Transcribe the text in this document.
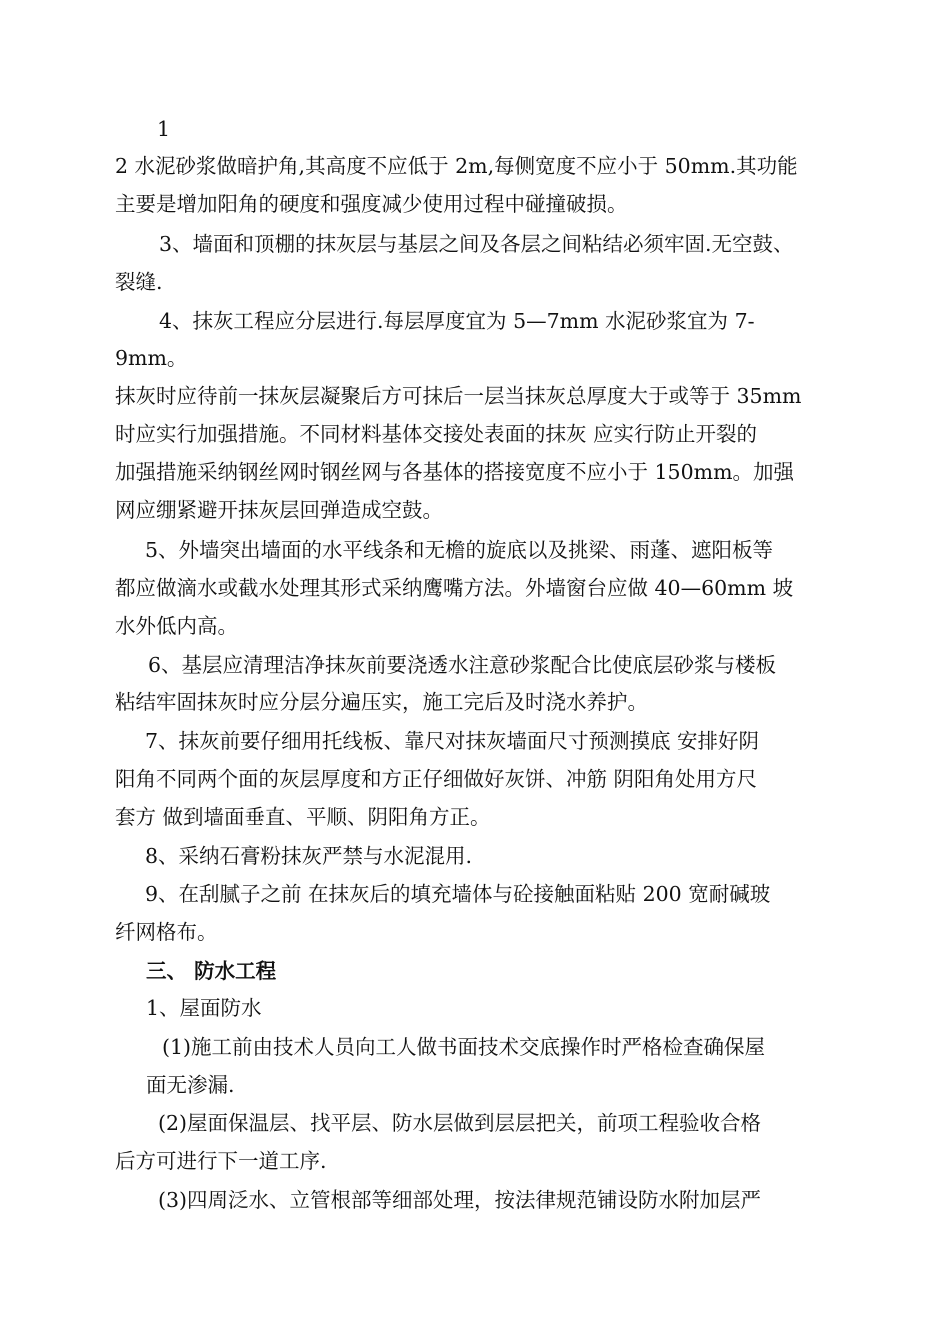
1
2 水泥砂浆做暗护角,其高度不应低于 2m,每侧宽度不应小于 50mm.其功能
主要是增加阳角的硬度和强度减少使用过程中碰撞破损。
3、墙面和顶棚的抹灰层与基层之间及各层之间粘结必须牢固.无空鼓、
裂缝.
4、抹灰工程应分层进行.每层厚度宜为 5—7mm 水泥砂浆宜为 7-
9mm。
抹灰时应待前一抹灰层凝聚后方可抹后一层当抹灰总厚度大于或等于 35mm
时应实行加强措施。不同材料基体交接处表面的抹灰 应实行防止开裂的
加强措施采纳钢丝网时钢丝网与各基体的搭接宽度不应小于 150mm。加强
网应绷紧避开抹灰层回弹造成空鼓。
5、外墙突出墙面的水平线条和无檐的旋底以及挑梁、雨蓬、遮阳板等
都应做滴水或截水处理其形式采纳鹰嘴方法。外墙窗台应做 40—60mm 坡
水外低内高。
6、基层应清理洁净抹灰前要浇透水注意砂浆配合比使底层砂浆与楼板
粘结牢固抹灰时应分层分遍压实，施工完后及时浇水养护。
7、抹灰前要仔细用托线板、靠尺对抹灰墙面尺寸预测摸底 安排好阴
阳角不同两个面的灰层厚度和方正仔细做好灰饼、冲筋 阴阳角处用方尺
套方 做到墙面垂直、平顺、阴阳角方正。
8、采纳石膏粉抹灰严禁与水泥混用.
9、在刮腻子之前 在抹灰后的填充墙体与砼接触面粘贴 200 宽耐碱玻
纤网格布。
三、 防水工程
1、屋面防水
(1)施工前由技术人员向工人做书面技术交底操作时严格检查确保屋
面无渗漏.
(2)屋面保温层、找平层、防水层做到层层把关，前项工程验收合格
后方可进行下一道工序.
(3)四周泛水、立管根部等细部处理，按法律规范铺设防水附加层严
